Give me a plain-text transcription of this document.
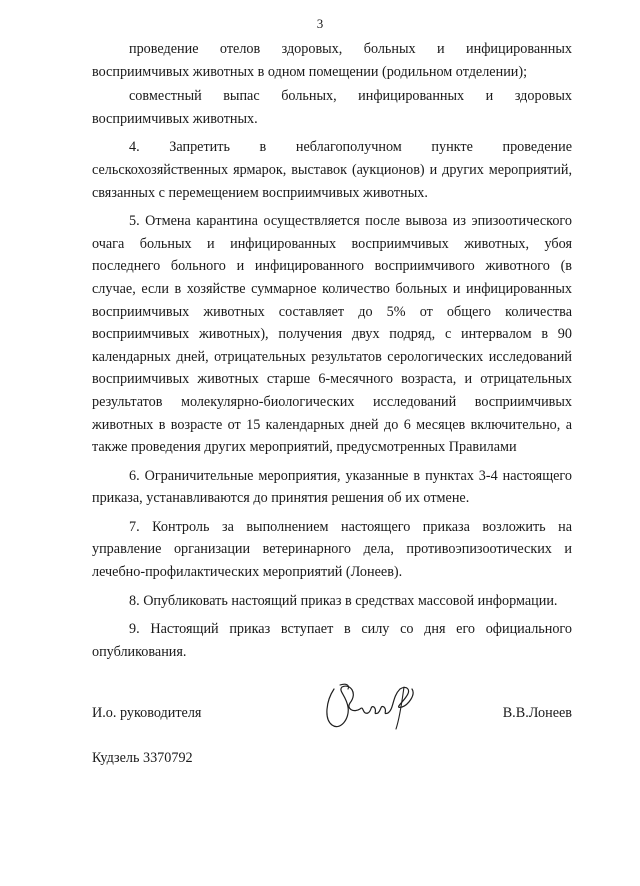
3

проведение отелов здоровых, больных и инфицированных восприимчивых животных в одном помещении (родильном отделении);

совместный выпас больных, инфицированных и здоровых восприимчивых животных.

4. Запретить в неблагополучном пункте проведение сельскохозяйственных ярмарок, выставок (аукционов) и других мероприятий, связанных с перемещением восприимчивых животных.

5. Отмена карантина осуществляется после вывоза из эпизоотического очага больных и инфицированных восприимчивых животных, убоя последнего больного и инфицированного восприимчивого животного (в случае, если в хозяйстве суммарное количество больных и инфицированных восприимчивых животных составляет до 5% от общего количества восприимчивых животных), получения двух подряд, с интервалом в 90 календарных дней, отрицательных результатов серологических исследований восприимчивых животных старше 6-месячного возраста, и отрицательных результатов молекулярно-биологических исследований восприимчивых животных в возрасте от 15 календарных дней до 6 месяцев включительно, а также проведения других мероприятий, предусмотренных Правилами

6. Ограничительные мероприятия, указанные в пунктах 3-4 настоящего приказа, устанавливаются до принятия решения об их отмене.

7. Контроль за выполнением настоящего приказа возложить на управление организации ветеринарного дела, противоэпизоотических и лечебно-профилактических мероприятий (Лонеев).

8. Опубликовать настоящий приказ в средствах массовой информации.

9. Настоящий приказ вступает в силу со дня его официального опубликования.

И.о. руководителя	В.В.Лонеев
Кудзель 3370792
